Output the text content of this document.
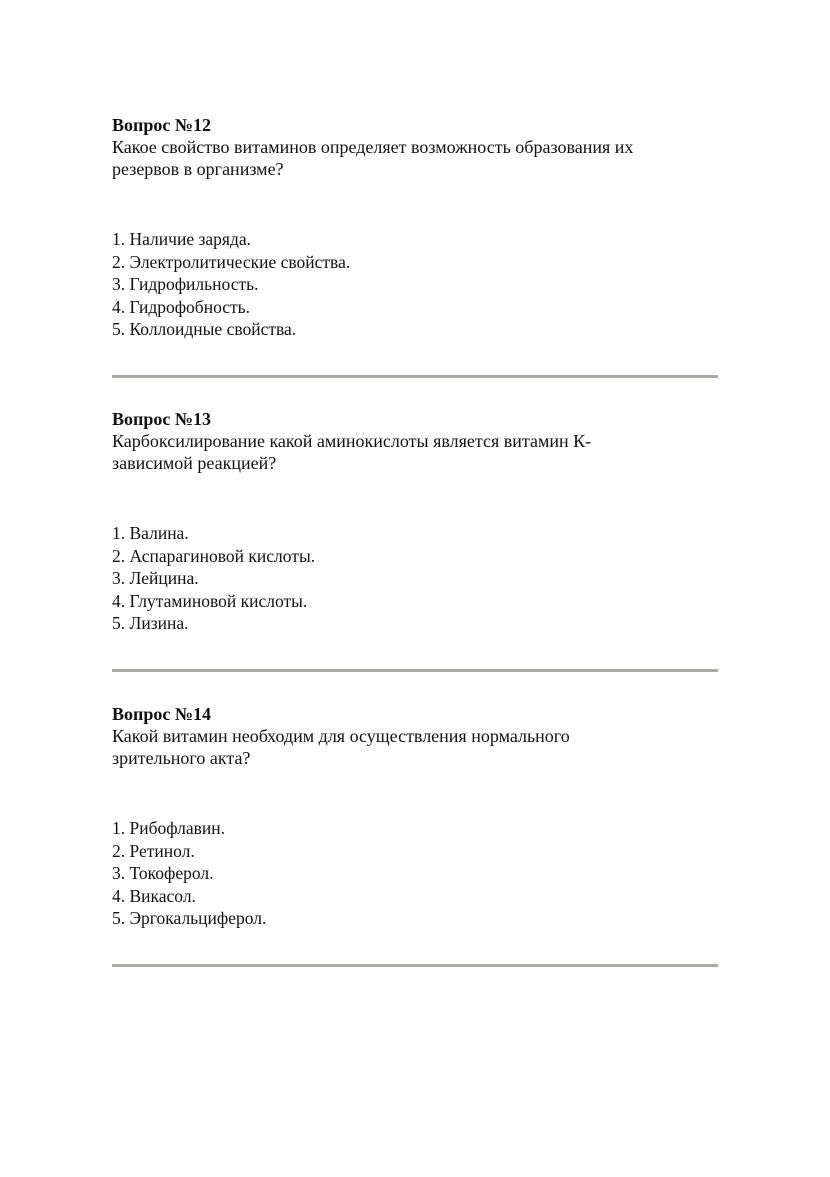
Вопрос №12

Какое свойство витаминов определяет возможность образования их резервов в организме?

1. Наличие заряда.
2. Электролитические свойства.
3. Гидрофильность.
4. Гидрофобность.
5. Коллоидные свойства.

Вопрос №13

Карбоксилирование какой аминокислоты является витамин К-зависимой реакцией?

1. Валина.
2. Аспарагиновой кислоты.
3. Лейцина.
4. Глутаминовой кислоты.
5. Лизина.

Вопрос №14

Какой витамин необходим для осуществления нормального зрительного акта?

1. Рибофлавин.
2. Ретинол.
3. Токоферол.
4. Викасол.
5. Эргокальциферол.
